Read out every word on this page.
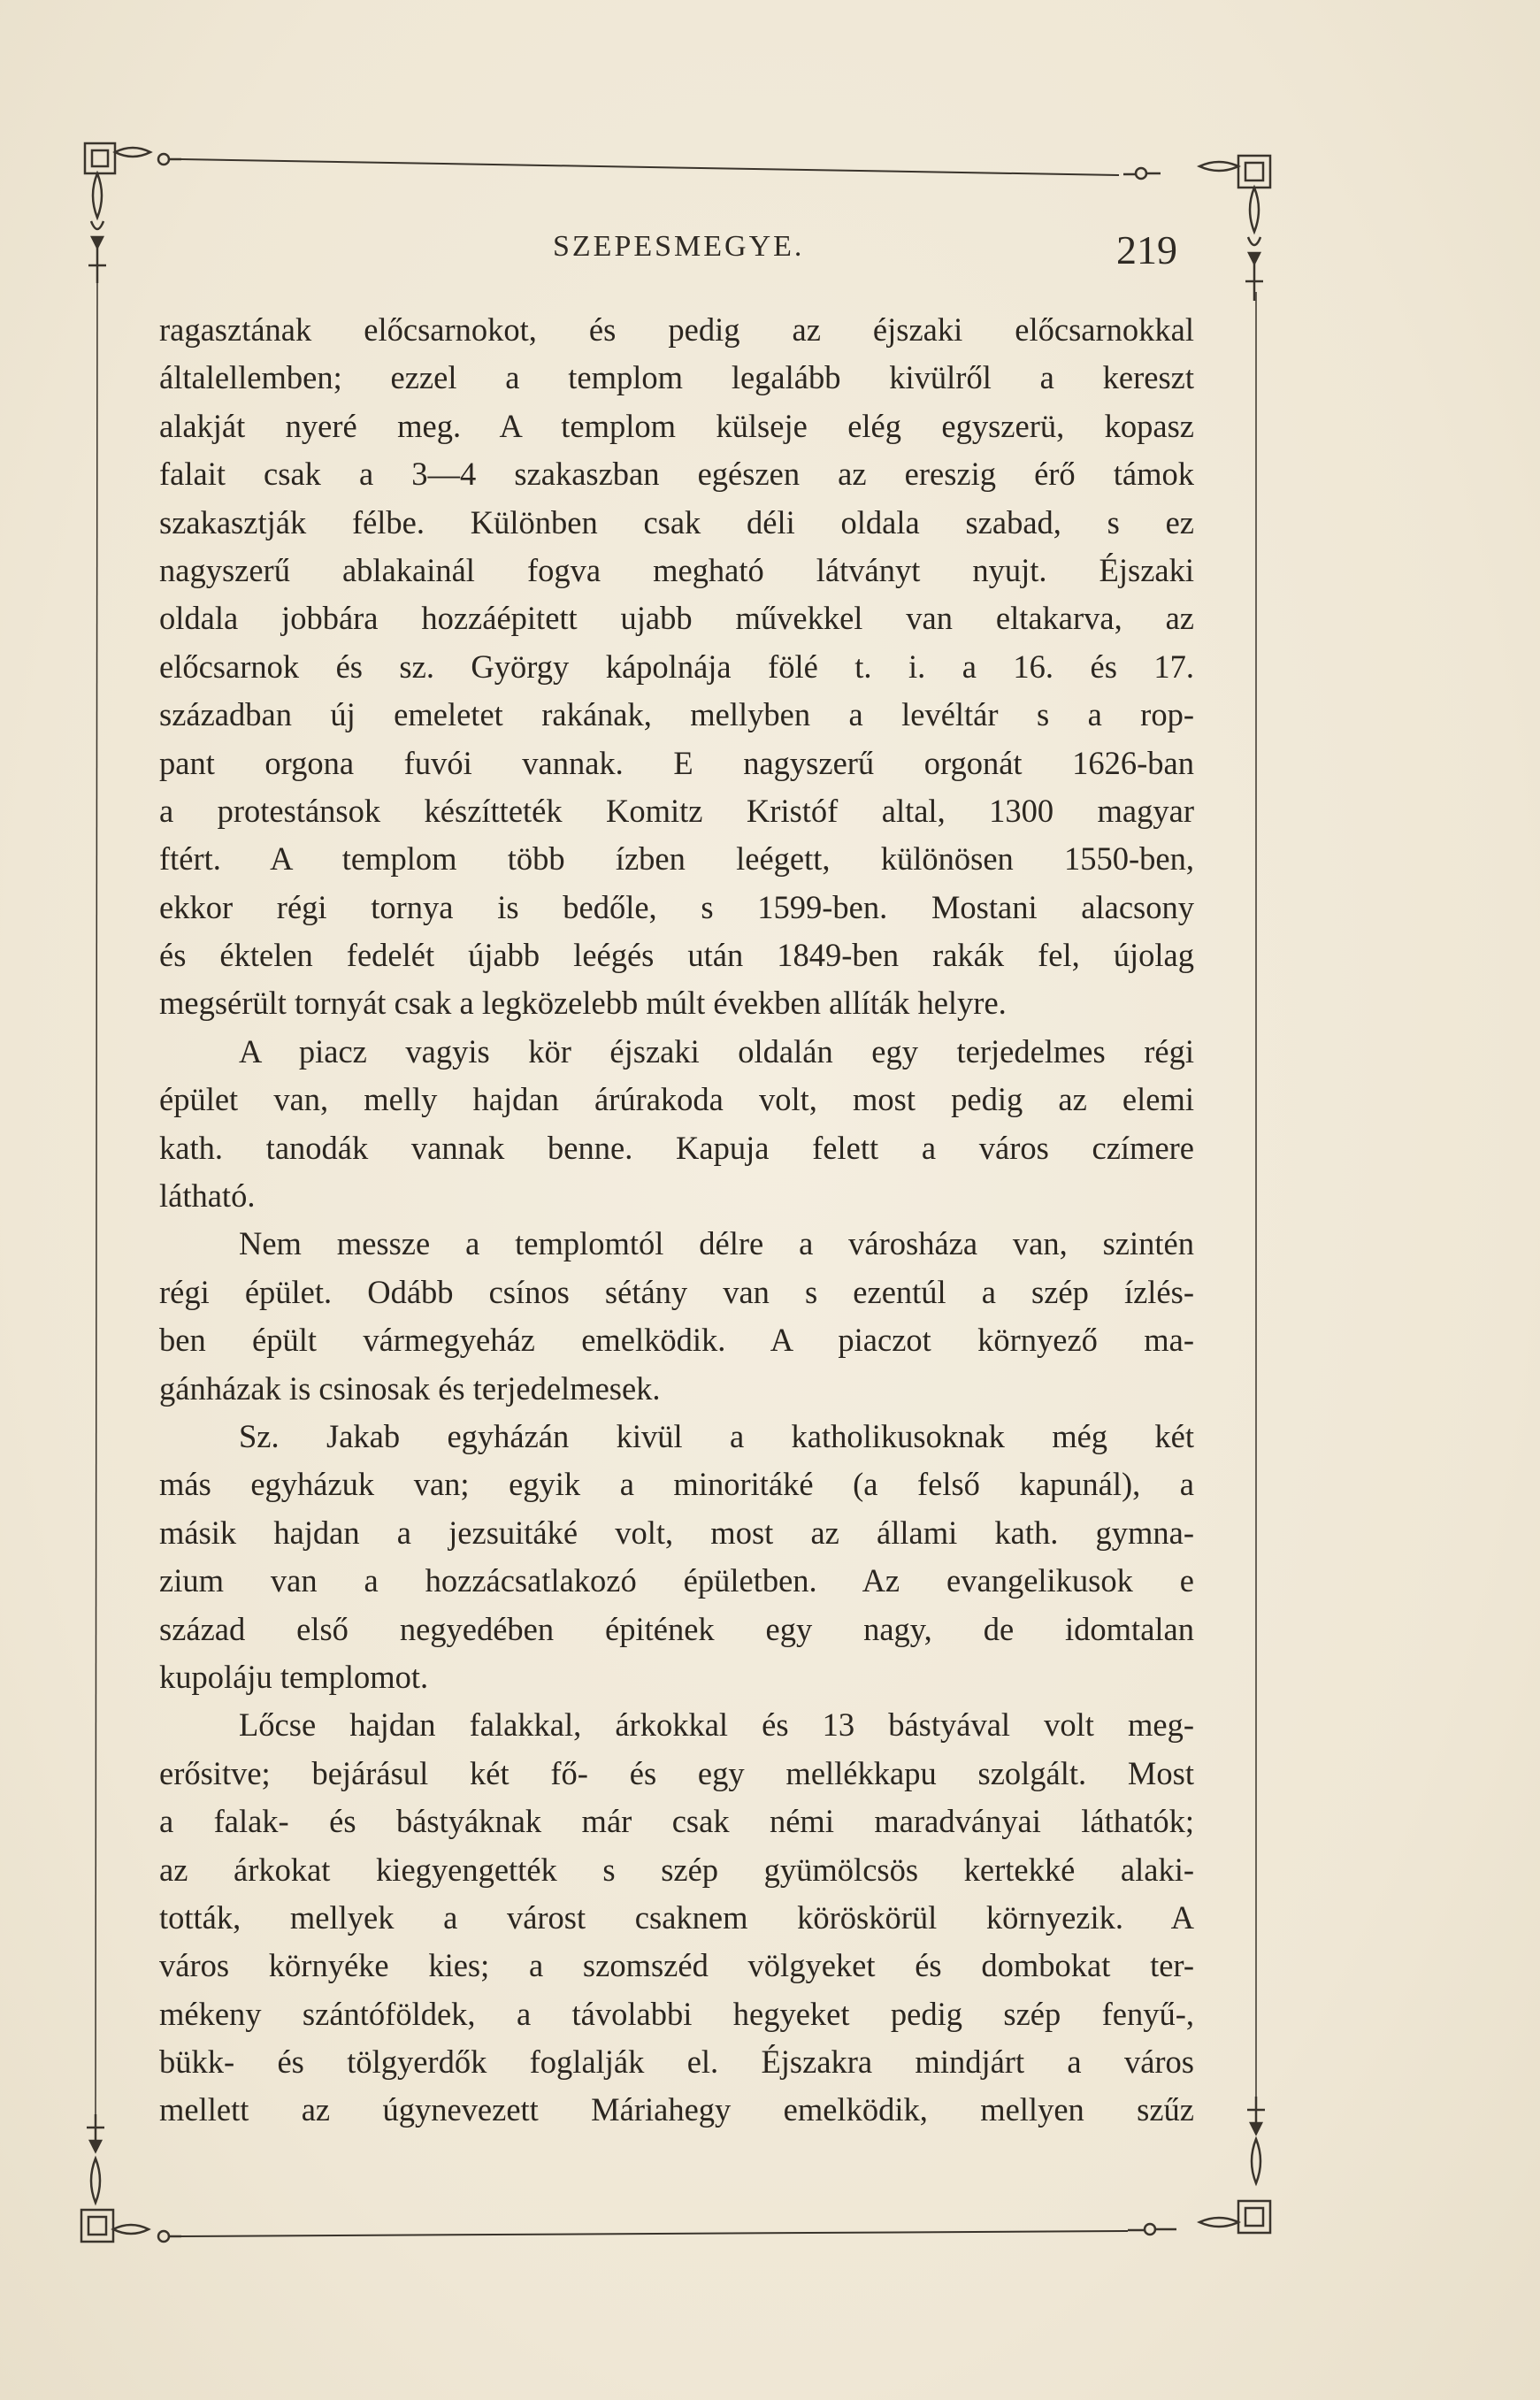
SZEPESMEGYE.	219
ragasztának előcsarnokot, és pedig az éjszaki előcsarnokkal
általellemben; ezzel a templom legalább kivülről a kereszt
alakját nyeré meg. A templom külseje elég egyszerü, kopasz
falait csak a 3—4 szakaszban egészen az ereszig érő támok
szakasztják félbe. Különben csak déli oldala szabad, s ez
nagyszerű ablakainál fogva megható látványt nyujt. Éjszaki
oldala jobbára hozzáépitett ujabb művekkel van eltakarva, az
előcsarnok és sz. György kápolnája fölé t. i. a 16. és 17.
században új emeletet rakának, mellyben a levéltár s a rop-
pant orgona fuvói vannak. E nagyszerű orgonát 1626-ban
a protestánsok készítteték Komitz Kristóf altal, 1300 magyar
ftért. A templom több ízben leégett, különösen 1550-ben,
ekkor régi tornya is bedőle, s 1599-ben. Mostani alacsony
és éktelen fedelét újabb leégés után 1849-ben rakák fel, újolag
megsérült tornyát csak a legközelebb múlt években allíták helyre.
A piacz vagyis kör éjszaki oldalán egy terjedelmes régi
épület van, melly hajdan árúrakoda volt, most pedig az elemi
kath. tanodák vannak benne. Kapuja felett a város czímere
látható.
Nem messze a templomtól délre a városháza van, szintén
régi épület. Odább csínos sétány van s ezentúl a szép ízlés-
ben épült vármegyeház emelködik. A piaczot környező ma-
gánházak is csinosak és terjedelmesek.
Sz. Jakab egyházán kivül a katholikusoknak még két
más egyházuk van; egyik a minoritáké (a felső kapunál), a
másik hajdan a jezsuitáké volt, most az állami kath. gymna-
zium van a hozzácsatlakozó épületben. Az evangelikusok e
század első negyedében épitének egy nagy, de idomtalan
kupoláju templomot.
Lőcse hajdan falakkal, árkokkal és 13 bástyával volt meg-
erősitve; bejárásul két fő- és egy mellékkapu szolgált. Most
a falak- és bástyáknak már csak némi maradványai láthatók;
az árkokat kiegyengették s szép gyümölcsös kertekké alaki-
tották, mellyek a várost csaknem köröskörül környezik. A
város környéke kies; a szomszéd völgyeket és dombokat ter-
mékeny szántóföldek, a távolabbi hegyeket pedig szép fenyű-,
bükk- és tölgyerdők foglalják el. Éjszakra mindjárt a város
mellett az úgynevezett Máriahegy emelködik, mellyen szűz
